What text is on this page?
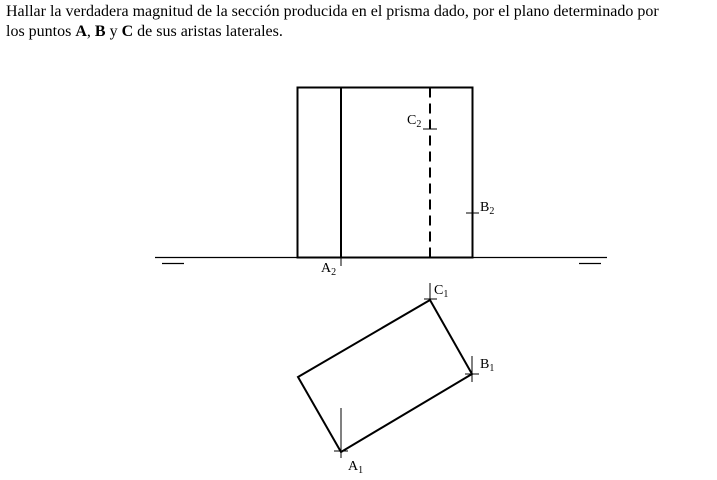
Hallar la verdadera magnitud de la sección producida en el prisma dado, por el plano determinado por
los puntos A, B y C de sus aristas laterales.

$C_2$
$B_2$
$A_2$
$C_1$
$B_1$
$A_1$
